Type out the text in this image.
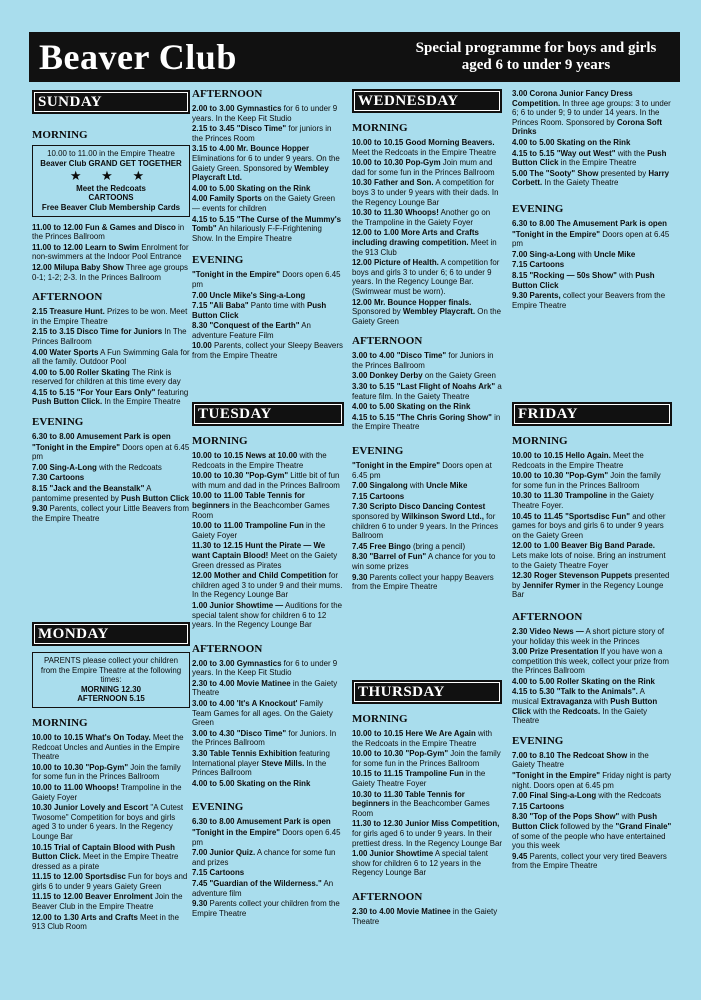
Beaver Club	Special programme for boys and girls
aged 6 to under 9 years
SUNDAY
MORNING
10.00 to 11.00 in the Empire Theatre
Beaver Club GRAND GET TOGETHER
★ ★ ★
Meet the Redcoats
CARTOONS
Free Beaver Club Membership Cards
11.00 to 12.00 Fun & Games and Disco in the Princes Ballroom
11.00 to 12.00 Learn to Swim Enrolment for non-swimmers at the Indoor Pool Entrance
12.00 Milupa Baby Show Three age groups 0-1; 1-2; 2-3. In the Princes Ballroom
AFTERNOON
2.15 Treasure Hunt. Prizes to be won. Meet in the Empire Theatre
2.15 to 3.15 Disco Time for Juniors In The Princes Ballroom
4.00 Water Sports A Fun Swimming Gala for all the family. Outdoor Pool
4.00 to 5.00 Roller Skating The Rink is reserved for children at this time every day
4.15 to 5.15 "For Your Ears Only" featuring Push Button Click. In the Empire Theatre
EVENING
6.30 to 8.00 Amusement Park is open
"Tonight in the Empire" Doors open at 6.45 pm
7.00 Sing-A-Long with the Redcoats
7.30 Cartoons
8.15 "Jack and the Beanstalk" A pantomime presented by Push Button Click
9.30 Parents, collect your Little Beavers from the Empire Theatre
MONDAY
PARENTS please collect your children from the Empire Theatre at the following times:
MORNING 12.30
AFTERNOON 5.15
MORNING
10.00 to 10.15 What's On Today. Meet the Redcoat Uncles and Aunties in the Empire Theatre
10.00 to 10.30 "Pop-Gym" Join the family for some fun in the Princes Ballroom
10.00 to 11.00 Whoops! Trampoline in the Gaiety Foyer
10.30 Junior Lovely and Escort "A Cutest Twosome" Competition for boys and girls aged 3 to under 6 years. In the Regency Lounge Bar
10.15 Trial of Captain Blood with Push Button Click. Meet in the Empire Theatre dressed as a pirate
11.15 to 12.00 Sportsdisc Fun for boys and girls 6 to under 9 years Gaiety Green
11.15 to 12.00 Beaver Enrolment Join the Beaver Club in the Empire Theatre
12.00 to 1.30 Arts and Crafts Meet in the 913 Club Room
AFTERNOON
2.00 to 3.00 Gymnastics for 6 to under 9 years. In the Keep Fit Studio
2.15 to 3.45 "Disco Time" for juniors in the Princes Room
3.15 to 4.00 Mr. Bounce Hopper Eliminations for 6 to under 9 years. On the Gaiety Green. Sponsored by Wembley Playcraft Ltd.
4.00 to 5.00 Skating on the Rink
4.00 Family Sports on the Gaiety Green — events for children
4.15 to 5.15 "The Curse of the Mummy's Tomb" An hilariously F-F-Frightening Show. In the Empire Theatre
EVENING
"Tonight in the Empire" Doors open 6.45 pm
7.00 Uncle Mike's Sing-a-Long
7.15 "Ali Baba" Panto time with Push Button Click
8.30 "Conquest of the Earth" An adventure Feature Film
10.00 Parents, collect your Sleepy Beavers from the Empire Theatre
TUESDAY
MORNING
10.00 to 10.15 News at 10.00 with the Redcoats in the Empire Theatre
10.00 to 10.30 "Pop-Gym" Little bit of fun with mum and dad in the Princes Ballroom
10.00 to 11.00 Table Tennis for beginners in the Beachcomber Games Room
10.00 to 11.00 Trampoline Fun in the Gaiety Foyer
11.30 to 12.15 Hunt the Pirate — We want Captain Blood! Meet on the Gaiety Green dressed as Pirates
12.00 Mother and Child Competition for children aged 3 to under 9 and their mums. In the Regency Lounge Bar
1.00 Junior Showtime — Auditions for the special talent show for children 6 to 12 years. In the Regency Lounge Bar
AFTERNOON
2.00 to 3.00 Gymnastics for 6 to under 9 years. In the Keep Fit Studio
2.30 to 4.00 Movie Matinee in the Gaiety Theatre
3.00 to 4.00 'It's A Knockout' Family Team Games for all ages. On the Gaiety Green
3.00 to 4.30 "Disco Time" for Juniors. In the Princes Ballroom
3.30 Table Tennis Exhibition featuring International player Steve Mills. In the Princes Ballroom
4.00 to 5.00 Skating on the Rink
EVENING
6.30 to 8.00 Amusement Park is open
"Tonight in the Empire" Doors open 6.45 pm
7.00 Junior Quiz. A chance for some fun and prizes
7.15 Cartoons
7.45 "Guardian of the Wilderness." An adventure film
9.30 Parents collect your children from the Empire Theatre
WEDNESDAY
MORNING
10.00 to 10.15 Good Morning Beavers. Meet the Redcoats in the Empire Theatre
10.00 to 10.30 Pop-Gym Join mum and dad for some fun in the Princes Ballroom
10.30 Father and Son. A competition for boys 3 to under 9 years with their dads. In the Regency Lounge Bar
10.30 to 11.30 Whoops! Another go on the Trampoline in the Gaiety Foyer
12.00 to 1.00 More Arts and Crafts including drawing competition. Meet in the 913 Club
12.00 Picture of Health. A competition for boys and girls 3 to under 6; 6 to under 9 years. In the Regency Lounge Bar. (Swimwear must be worn).
12.00 Mr. Bounce Hopper finals. Sponsored by Wembley Playcraft. On the Gaiety Green
AFTERNOON
3.00 to 4.00 "Disco Time" for Juniors in the Princes Ballroom
3.00 Donkey Derby on the Gaiety Green
3.30 to 5.15 "Last Flight of Noahs Ark" a feature film. In the Gaiety Theatre
4.00 to 5.00 Skating on the Rink
4.15 to 5.15 "The Chris Goring Show" in the Empire Theatre
EVENING
"Tonight in the Empire" Doors open at 6.45 pm
7.00 Singalong with Uncle Mike
7.15 Cartoons
7.30 Scripto Disco Dancing Contest sponsored by Wilkinson Sword Ltd., for children 6 to under 9 years. In the Princes Ballroom
7.45 Free Bingo (bring a pencil)
8.30 "Barrel of Fun" A chance for you to win some prizes
9.30 Parents collect your happy Beavers from the Empire Theatre
THURSDAY
MORNING
10.00 to 10.15 Here We Are Again with the Redcoats in the Empire Theatre
10.00 to 10.30 "Pop-Gym" Join the family for some fun in the Princes Ballroom
10.15 to 11.15 Trampoline Fun in the Gaiety Theatre Foyer
10.30 to 11.30 Table Tennis for beginners in the Beachcomber Games Room
11.30 to 12.30 Junior Miss Competition, for girls aged 6 to under 9 years. In their prettiest dress. In the Regency Lounge Bar
1.00 Junior Showtime A special talent show for children 6 to 12 years in the Regency Lounge Bar
AFTERNOON
2.30 to 4.00 Movie Matinee in the Gaiety Theatre
3.00 Corona Junior Fancy Dress Competition. In three age groups: 3 to under 6; 6 to under 9; 9 to under 14 years. In the Princes Room. Sponsored by Corona Soft Drinks
4.00 to 5.00 Skating on the Rink
4.15 to 5.15 "Way out West" with the Push Button Click in the Empire Theatre
5.00 The "Sooty" Show presented by Harry Corbett. In the Gaiety Theatre
EVENING
6.30 to 8.00 The Amusement Park is open
"Tonight in the Empire" Doors open at 6.45 pm
7.00 Sing-a-Long with Uncle Mike
7.15 Cartoons
8.15 "Rocking — 50s Show" with Push Button Click
9.30 Parents, collect your Beavers from the Empire Theatre
FRIDAY
MORNING
10.00 to 10.15 Hello Again. Meet the Redcoats in the Empire Theatre
10.00 to 10.30 "Pop-Gym" Join the family for some fun in the Princes Ballroom
10.30 to 11.30 Trampoline in the Gaiety Theatre Foyer.
10.45 to 11.45 "Sportsdisc Fun" and other games for boys and girls 6 to under 9 years on the Gaiety Green
12.00 to 1.00 Beaver Big Band Parade. Lets make lots of noise. Bring an instrument to the Gaiety Theatre Foyer
12.30 Roger Stevenson Puppets presented by Jennifer Rymer in the Regency Lounge Bar
AFTERNOON
2.30 Video News — A short picture story of your holiday this week in the Princes
3.00 Prize Presentation If you have won a competition this week, collect your prize from the Princes Ballroom
4.00 to 5.00 Roller Skating on the Rink
4.15 to 5.30 "Talk to the Animals". A musical Extravaganza with Push Button Click with the Redcoats. In the Gaiety Theatre
EVENING
7.00 to 8.10 The Redcoat Show in the Gaiety Theatre
"Tonight in the Empire" Friday night is party night. Doors open at 6.45 pm
7.00 Final Sing-a-Long with the Redcoats
7.15 Cartoons
8.30 "Top of the Pops Show" with Push Button Click followed by the "Grand Finale" of some of the people who have entertained you this week
9.45 Parents, collect your very tired Beavers from the Empire Theatre
